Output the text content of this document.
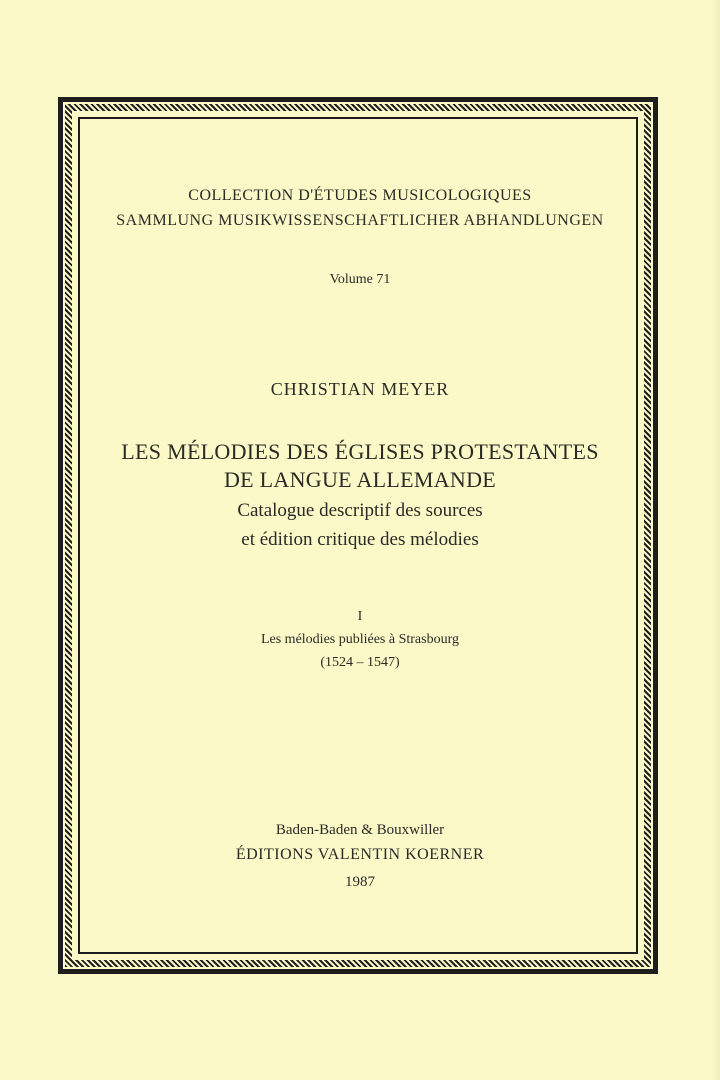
COLLECTION D'ÉTUDES MUSICOLOGIQUES
SAMMLUNG MUSIKWISSENSCHAFTLICHER ABHANDLUNGEN
Volume 71
CHRISTIAN MEYER
LES MÉLODIES DES ÉGLISES PROTESTANTES
DE LANGUE ALLEMANDE
Catalogue descriptif des sources
et édition critique des mélodies
I
Les mélodies publiées à Strasbourg
(1524 – 1547)
Baden-Baden & Bouxwiller
ÉDITIONS VALENTIN KOERNER
1987
